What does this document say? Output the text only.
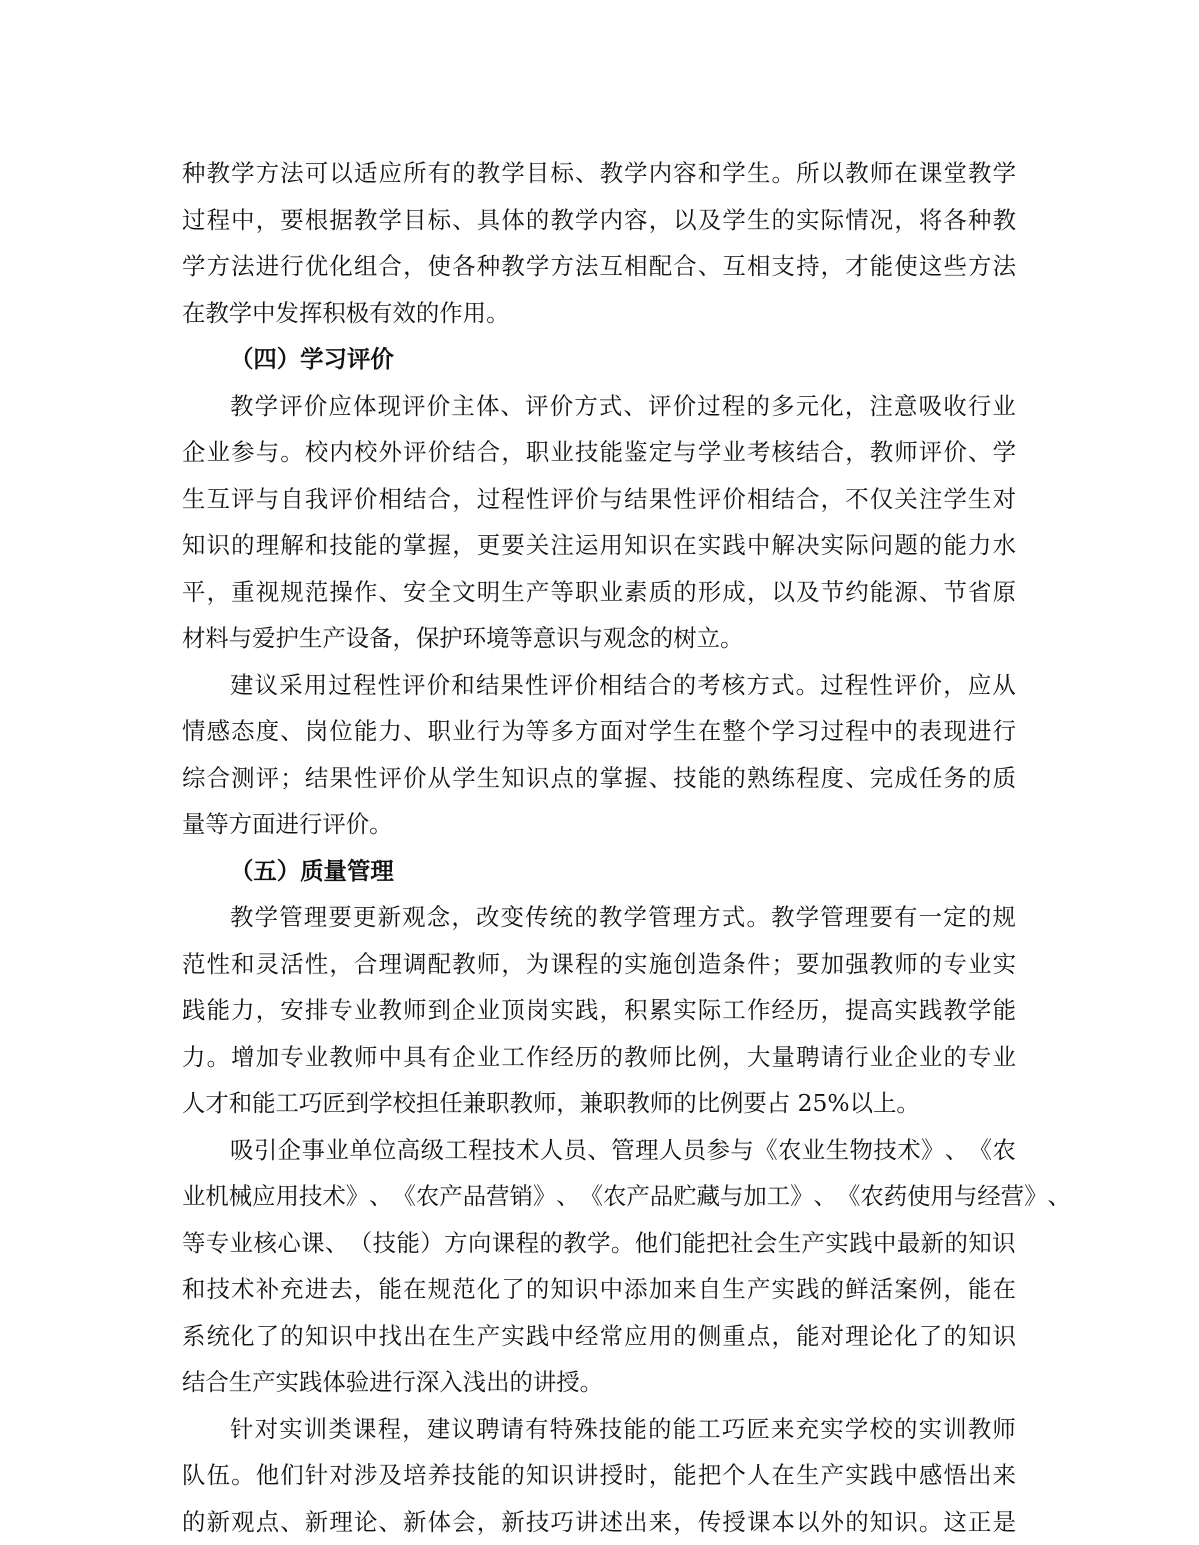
种 教 学 方 法 可 以 适 应 所 有 的 教 学 目 标 、 教 学 内 容 和 学 生 。 所 以 教 师 在 课 堂 教 学
过 程 中 ， 要 根 据 教 学 目 标 、 具 体 的 教 学 内 容 ， 以 及 学 生 的 实 际 情 况 ， 将 各 种 教
学 方 法 进 行 优 化 组 合 ， 使 各 种 教 学 方 法 互 相 配 合 、 互 相 支 持 ， 才 能 使 这 些 方 法
在教学中发挥积极有效的作用。
（四）学习评价
教 学 评 价 应 体 现 评 价 主 体 、 评 价 方 式 、 评 价 过 程 的 多 元 化 ， 注 意 吸 收 行 业
企 业 参 与 。 校 内 校 外 评 价 结 合 ， 职 业 技 能 鉴 定 与 学 业 考 核 结 合 ， 教 师 评 价 、 学
生 互 评 与 自 我 评 价 相 结 合 ， 过 程 性 评 价 与 结 果 性 评 价 相 结 合 ， 不 仅 关 注 学 生 对
知 识 的 理 解 和 技 能 的 掌 握 ， 更 要 关 注 运 用 知 识 在 实 践 中 解 决 实 际 问 题 的 能 力 水
平 ， 重 视 规 范 操 作 、 安 全 文 明 生 产 等 职 业 素 质 的 形 成 ， 以 及 节 约 能 源 、 节 省 原
材料与爱护生产设备，保护环境等意识与观念的树立。
建 议 采 用 过 程 性 评 价 和 结 果 性 评 价 相 结 合 的 考 核 方 式 。 过 程 性 评 价 ， 应 从
情 感 态 度 、 岗 位 能 力 、 职 业 行 为 等 多 方 面 对 学 生 在 整 个 学 习 过 程 中 的 表 现 进 行
综 合 测 评 ； 结 果 性 评 价 从 学 生 知 识 点 的 掌 握 、 技 能 的 熟 练 程 度 、 完 成 任 务 的 质
量等方面进行评价。
（五）质量管理
教 学 管 理 要 更 新 观 念 ， 改 变 传 统 的 教 学 管 理 方 式 。 教 学 管 理 要 有 一 定 的 规
范 性 和 灵 活 性 ， 合 理 调 配 教 师 ， 为 课 程 的 实 施 创 造 条 件 ； 要 加 强 教 师 的 专 业 实
践 能 力 ， 安 排 专 业 教 师 到 企 业 顶 岗 实 践 ， 积 累 实 际 工 作 经 历 ， 提 高 实 践 教 学 能
力 。 增 加 专 业 教 师 中 具 有 企 业 工 作 经 历 的 教 师 比 例 ， 大 量 聘 请 行 业 企 业 的 专 业
人才和能工巧匠到学校担任兼职教师，兼职教师的比例要占 25%以上。
吸 引 企 事 业 单 位 高 级 工 程 技 术 人 员 、 管 理 人 员 参 与 《 农 业 生 物 技 术 》 、 《 农
业 机 械 应 用 技 术 》 、 《 农 产 品 营 销 》 、 《 农 产 品 贮 藏 与 加 工 》 、 《 农 药 使 用 与 经 营 》 、
等 专 业 核 心 课 、 （ 技 能 ） 方 向 课 程 的 教 学 。 他 们 能 把 社 会 生 产 实 践 中 最 新 的 知 识
和 技 术 补 充 进 去 ， 能 在 规 范 化 了 的 知 识 中 添 加 来 自 生 产 实 践 的 鲜 活 案 例 ， 能 在
系 统 化 了 的 知 识 中 找 出 在 生 产 实 践 中 经 常 应 用 的 侧 重 点 ， 能 对 理 论 化 了 的 知 识
结合生产实践体验进行深入浅出的讲授。
针 对 实 训 类 课 程 ， 建 议 聘 请 有 特 殊 技 能 的 能 工 巧 匠 来 充 实 学 校 的 实 训 教 师
队 伍 。 他 们 针 对 涉 及 培 养 技 能 的 知 识 讲 授 时 ， 能 把 个 人 在 生 产 实 践 中 感 悟 出 来
的 新 观 点 、 新 理 论 、 新 体 会 ， 新 技 巧 讲 述 出 来 ， 传 授 课 本 以 外 的 知 识 。 这 正 是
